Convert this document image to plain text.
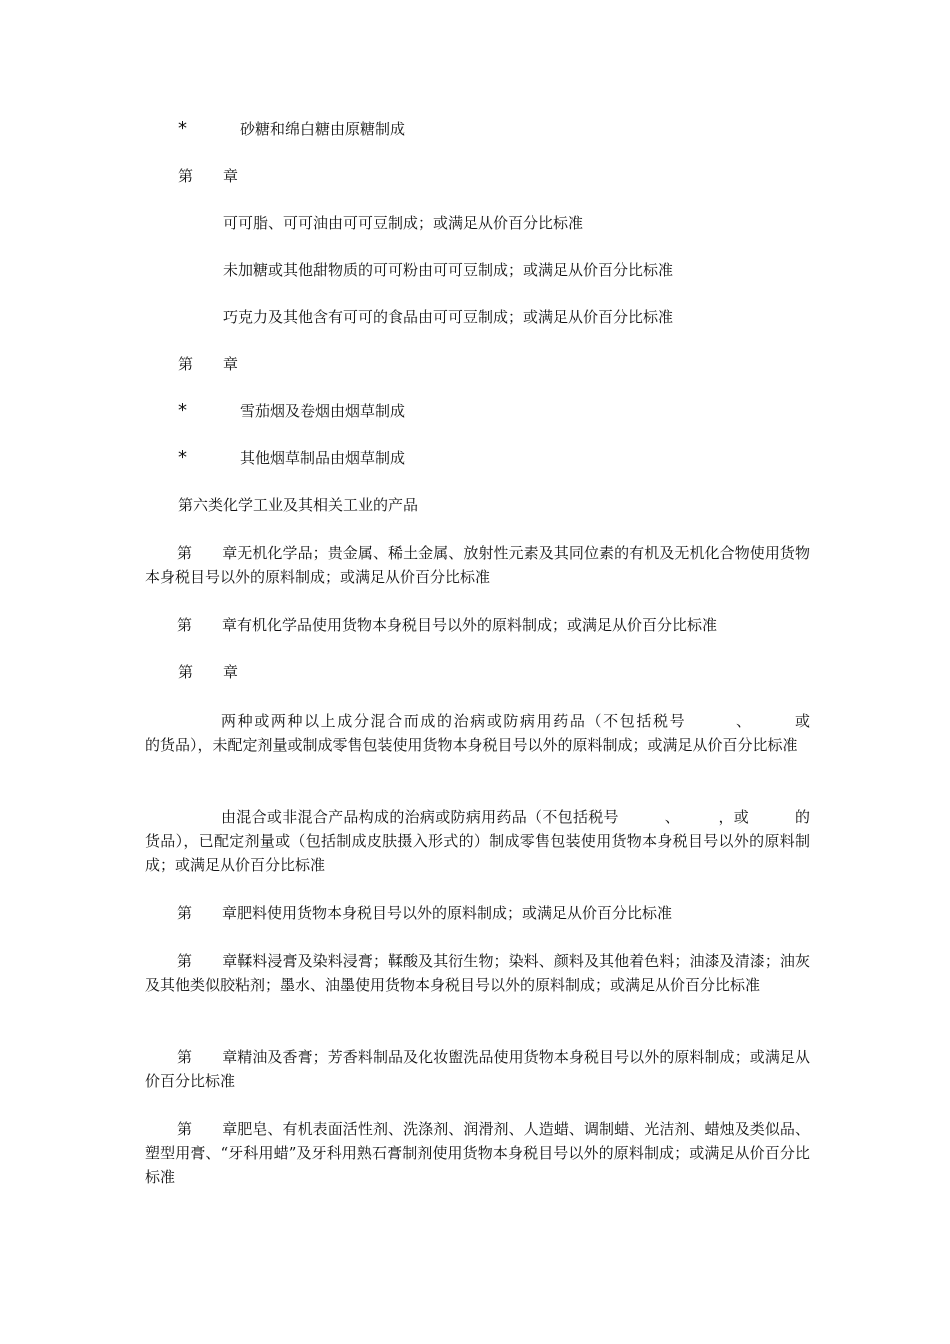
*	砂糖和绵白糖由原糖制成
第　　章
可可脂、可可油由可可豆制成；或满足从价百分比标准
未加糖或其他甜物质的可可粉由可可豆制成；或满足从价百分比标准
巧克力及其他含有可可的食品由可可豆制成；或满足从价百分比标准
第　　章
*	雪茄烟及卷烟由烟草制成
*	其他烟草制品由烟草制成
第六类化学工业及其相关工业的产品

第　　章无机化学品；贵金属、稀土金属、放射性元素及其同位素的有机及无机化合物使用货物本身税目号以外的原料制成；或满足从价百分比标准

第　　章有机化学品使用货物本身税目号以外的原料制成；或满足从价百分比标准

第　　章

两种或两种以上成分混合而成的治病或防病用药品（不包括税号　　　、　　　或　　　的货品），未配定剂量或制成零售包装使用货物本身税目号以外的原料制成；或满足从价百分比标准

由混合或非混合产品构成的治病或防病用药品（不包括税号　　　、　　　，或　　　的货品），已配定剂量或（包括制成皮肤摄入形式的）制成零售包装使用货物本身税目号以外的原料制成；或满足从价百分比标准

第　　章肥料使用货物本身税目号以外的原料制成；或满足从价百分比标准

第　　章鞣料浸膏及染料浸膏；鞣酸及其衍生物；染料、颜料及其他着色料；油漆及清漆；油灰及其他类似胶粘剂；墨水、油墨使用货物本身税目号以外的原料制成；或满足从价百分比标准

第　　章精油及香膏；芳香料制品及化妆盥洗品使用货物本身税目号以外的原料制成；或满足从价百分比标准

第　　章肥皂、有机表面活性剂、洗涤剂、润滑剂、人造蜡、调制蜡、光洁剂、蜡烛及类似品、塑型用膏、“牙科用蜡”及牙科用熟石膏制剂使用货物本身税目号以外的原料制成；或满足从价百分比标准
